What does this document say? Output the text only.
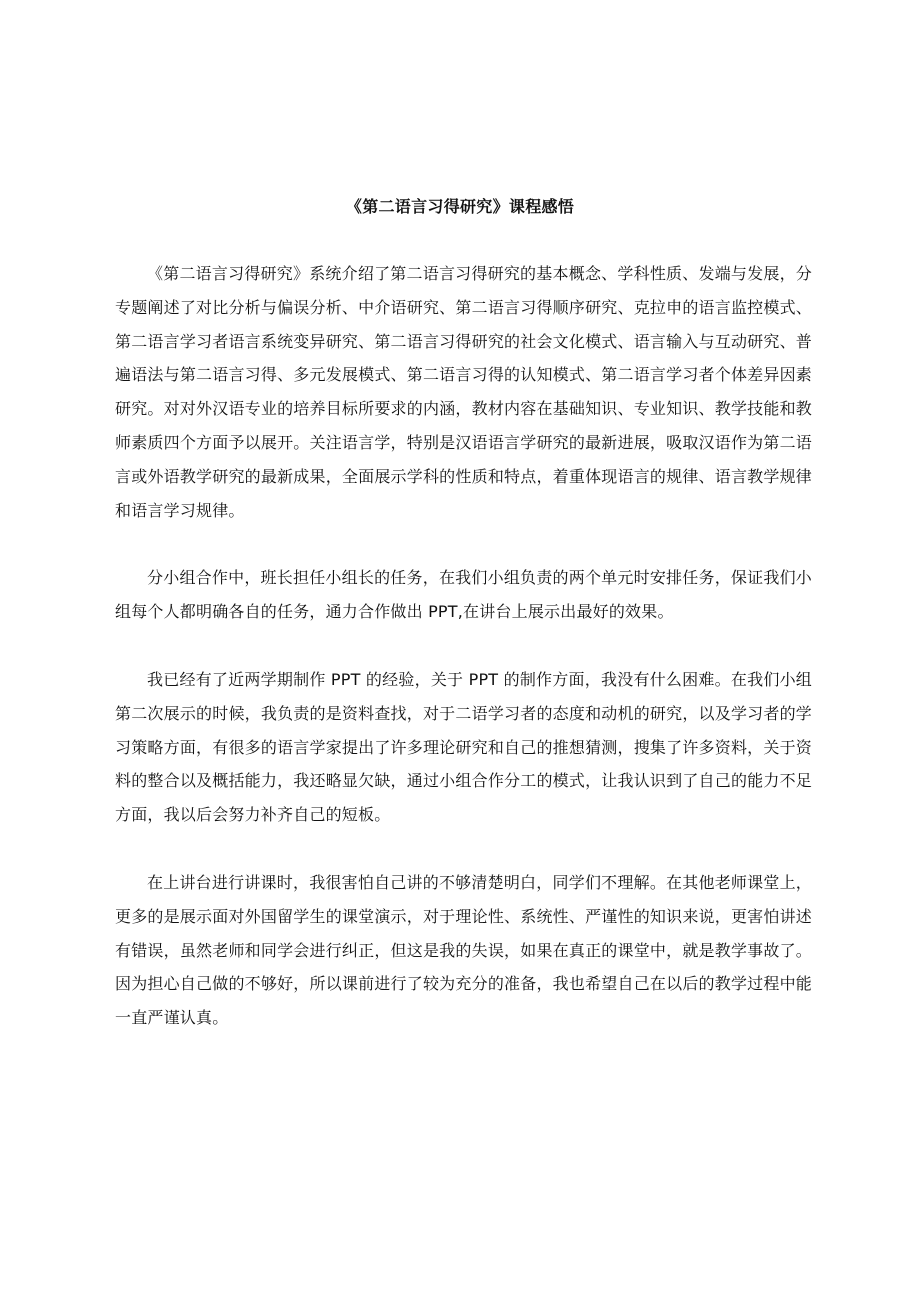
《第二语言习得研究》课程感悟

《第二语言习得研究》系统介绍了第二语言习得研究的基本概念、学科性质、发端与发展，分专题阐述了对比分析与偏误分析、中介语研究、第二语言习得顺序研究、克拉申的语言监控模式、第二语言学习者语言系统变异研究、第二语言习得研究的社会文化模式、语言输入与互动研究、普遍语法与第二语言习得、多元发展模式、第二语言习得的认知模式、第二语言学习者个体差异因素研究。对对外汉语专业的培养目标所要求的内涵，教材内容在基础知识、专业知识、教学技能和教师素质四个方面予以展开。关注语言学，特别是汉语语言学研究的最新进展，吸取汉语作为第二语言或外语教学研究的最新成果，全面展示学科的性质和特点，着重体现语言的规律、语言教学规律和语言学习规律。

分小组合作中，班长担任小组长的任务，在我们小组负责的两个单元时安排任务，保证我们小组每个人都明确各自的任务，通力合作做出 PPT,在讲台上展示出最好的效果。

我已经有了近两学期制作 PPT 的经验，关于 PPT 的制作方面，我没有什么困难。在我们小组第二次展示的时候，我负责的是资料查找，对于二语学习者的态度和动机的研究，以及学习者的学习策略方面，有很多的语言学家提出了许多理论研究和自己的推想猜测，搜集了许多资料，关于资料的整合以及概括能力，我还略显欠缺，通过小组合作分工的模式，让我认识到了自己的能力不足方面，我以后会努力补齐自己的短板。

在上讲台进行讲课时，我很害怕自己讲的不够清楚明白，同学们不理解。在其他老师课堂上，更多的是展示面对外国留学生的课堂演示，对于理论性、系统性、严谨性的知识来说，更害怕讲述有错误，虽然老师和同学会进行纠正，但这是我的失误，如果在真正的课堂中，就是教学事故了。因为担心自己做的不够好，所以课前进行了较为充分的准备，我也希望自己在以后的教学过程中能一直严谨认真。
